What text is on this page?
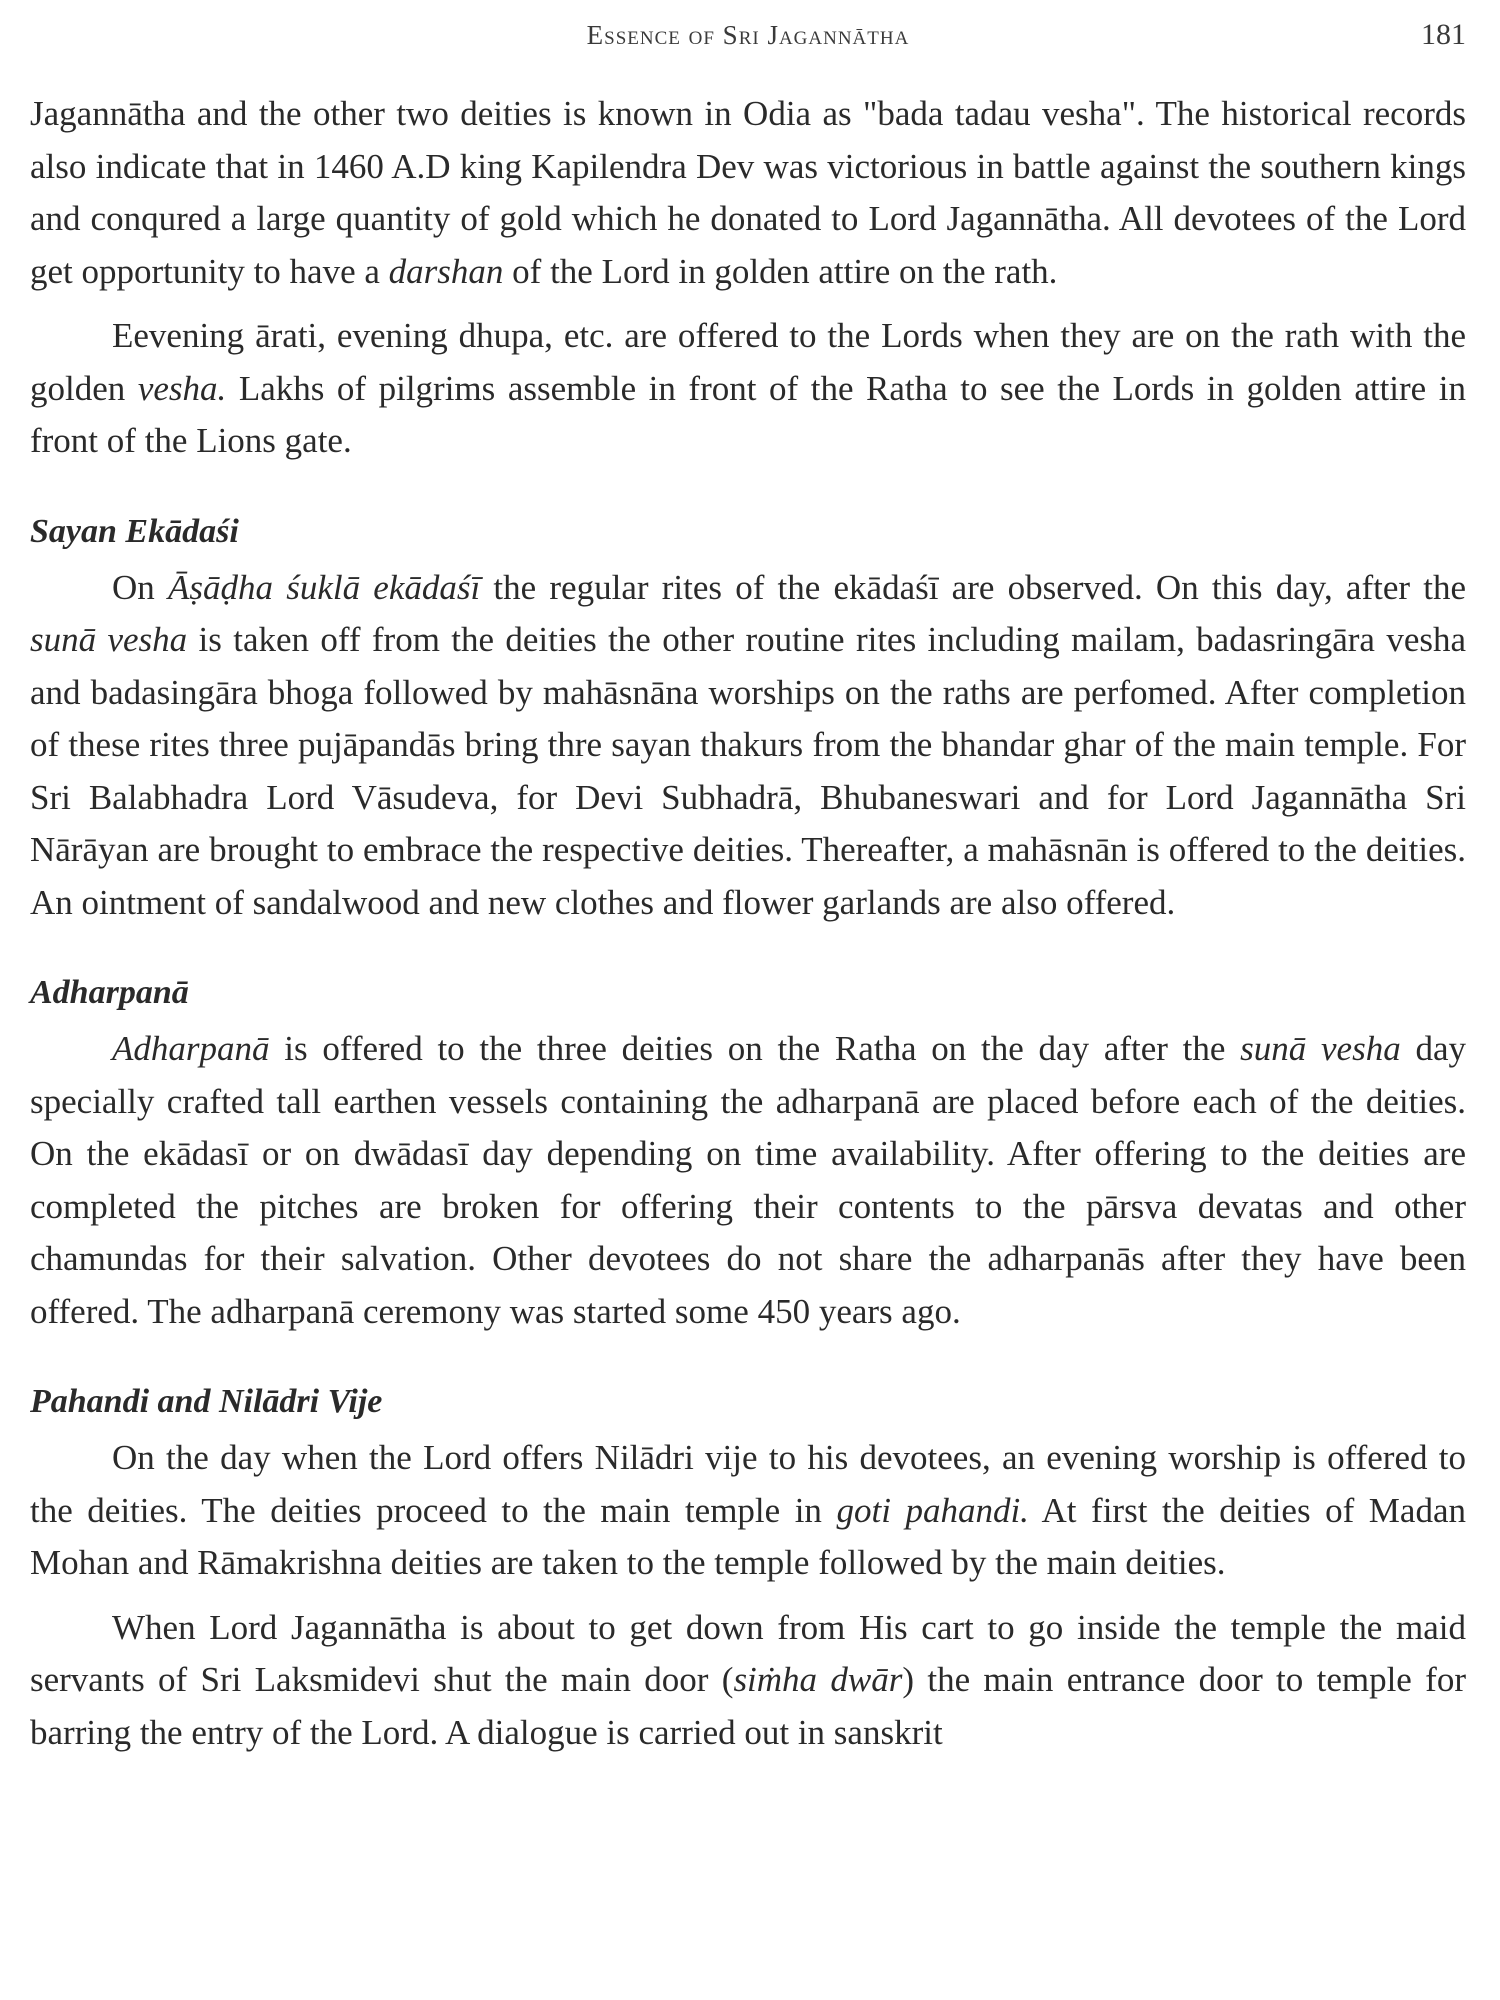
Essence of Sri Jagannātha	181

Jagannātha and the other two deities is known in Odia as "bada tadau vesha". The historical records also indicate that in 1460 A.D king Kapilendra Dev was victorious in battle against the southern kings and conqured a large quantity of gold which he donated to Lord Jagannātha. All devotees of the Lord get opportunity to have a darshan of the Lord in golden attire on the rath.

Eevening ārati, evening dhupa, etc. are offered to the Lords when they are on the rath with the golden vesha. Lakhs of pilgrims assemble in front of the Ratha to see the Lords in golden attire in front of the Lions gate.

Sayan Ekādaśi

On Āṣāḍha śuklā ekādaśī the regular rites of the ekādaśī are observed. On this day, after the sunā vesha is taken off from the deities the other routine rites including mailam, badasringāra vesha and badasingāra bhoga followed by mahāsnāna worships on the raths are perfomed. After completion of these rites three pujāpandās bring thre sayan thakurs from the bhandar ghar of the main temple. For Sri Balabhadra Lord Vāsudeva, for Devi Subhadrā, Bhubaneswari and for Lord Jagannātha Sri Nārāyan are brought to embrace the respective deities. Thereafter, a mahāsnān is offered to the deities. An ointment of sandalwood and new clothes and flower garlands are also offered.

Adharpanā

Adharpanā is offered to the three deities on the Ratha on the day after the sunā vesha day specially crafted tall earthen vessels containing the adharpanā are placed before each of the deities. On the ekādasī or on dwādasī day depending on time availability. After offering to the deities are completed the pitches are broken for offering their contents to the pārsva devatas and other chamundas for their salvation. Other devotees do not share the adharpanās after they have been offered. The adharpanā ceremony was started some 450 years ago.

Pahandi and Nilādri Vije

On the day when the Lord offers Nilādri vije to his devotees, an evening worship is offered to the deities. The deities proceed to the main temple in goti pahandi. At first the deities of Madan Mohan and Rāmakrishna deities are taken to the temple followed by the main deities.

When Lord Jagannātha is about to get down from His cart to go inside the temple the maid servants of Sri Laksmidevi shut the main door (siṁha dwār) the main entrance door to temple for barring the entry of the Lord. A dialogue is carried out in sanskrit
